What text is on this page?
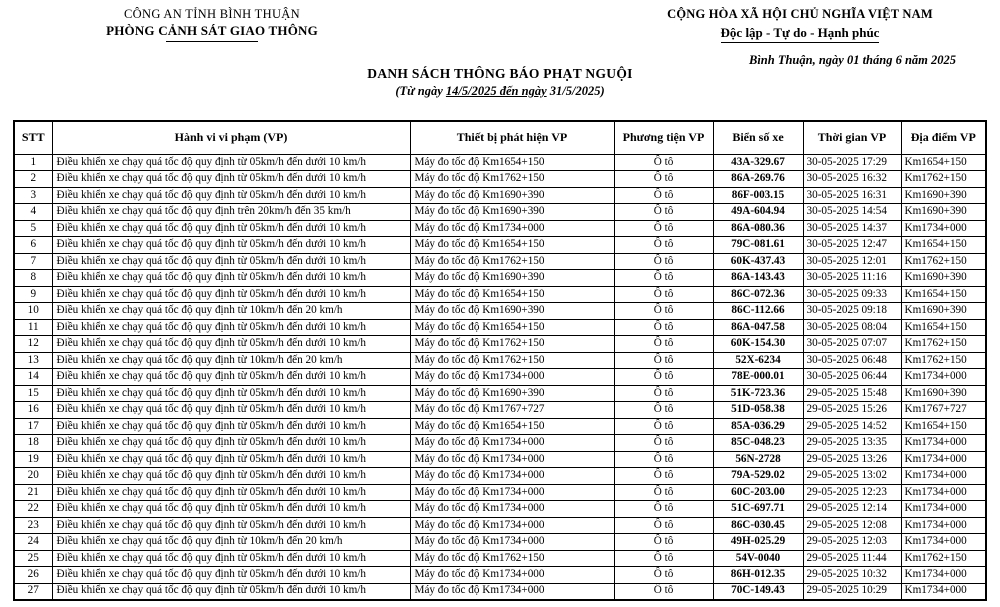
CÔNG AN TỈNH BÌNH THUẬN
PHÒNG CẢNH SÁT GIAO THÔNG
CỘNG HÒA XÃ HỘI CHỦ NGHĨA VIỆT NAM
Độc lập - Tự do - Hạnh phúc
Bình Thuận, ngày 01 tháng 6 năm 2025
DANH SÁCH THÔNG BÁO PHẠT NGUỘI
(Từ ngày 14/5/2025 đến ngày 31/5/2025)
STT	Hành vi vi phạm (VP)	Thiết bị phát hiện VP	Phương tiện VP	Biển số xe	Thời gian VP	Địa điểm VP
1	Điều khiển xe chạy quá tốc độ quy định từ 05km/h đến dưới 10 km/h	Máy đo tốc độ Km1654+150	Ô tô	43A-329.67	30-05-2025 17:29	Km1654+150
2	Điều khiển xe chạy quá tốc độ quy định từ 05km/h đến dưới 10 km/h	Máy đo tốc độ Km1762+150	Ô tô	86A-269.76	30-05-2025 16:32	Km1762+150
3	Điều khiển xe chạy quá tốc độ quy định từ 05km/h đến dưới 10 km/h	Máy đo tốc độ Km1690+390	Ô tô	86F-003.15	30-05-2025 16:31	Km1690+390
4	Điều khiển xe chạy quá tốc độ quy định trên 20km/h đến 35 km/h	Máy đo tốc độ Km1690+390	Ô tô	49A-604.94	30-05-2025 14:54	Km1690+390
5	Điều khiển xe chạy quá tốc độ quy định từ 05km/h đến dưới 10 km/h	Máy đo tốc độ Km1734+000	Ô tô	86A-080.36	30-05-2025 14:37	Km1734+000
6	Điều khiển xe chạy quá tốc độ quy định từ 05km/h đến dưới 10 km/h	Máy đo tốc độ Km1654+150	Ô tô	79C-081.61	30-05-2025 12:47	Km1654+150
7	Điều khiển xe chạy quá tốc độ quy định từ 05km/h đến dưới 10 km/h	Máy đo tốc độ Km1762+150	Ô tô	60K-437.43	30-05-2025 12:01	Km1762+150
8	Điều khiển xe chạy quá tốc độ quy định từ 05km/h đến dưới 10 km/h	Máy đo tốc độ Km1690+390	Ô tô	86A-143.43	30-05-2025 11:16	Km1690+390
9	Điều khiển xe chạy quá tốc độ quy định từ 05km/h đến dưới 10 km/h	Máy đo tốc độ Km1654+150	Ô tô	86C-072.36	30-05-2025 09:33	Km1654+150
10	Điều khiển xe chạy quá tốc độ quy định từ 10km/h đến 20 km/h	Máy đo tốc độ Km1690+390	Ô tô	86C-112.66	30-05-2025 09:18	Km1690+390
11	Điều khiển xe chạy quá tốc độ quy định từ 05km/h đến dưới 10 km/h	Máy đo tốc độ Km1654+150	Ô tô	86A-047.58	30-05-2025 08:04	Km1654+150
12	Điều khiển xe chạy quá tốc độ quy định từ 05km/h đến dưới 10 km/h	Máy đo tốc độ Km1762+150	Ô tô	60K-154.30	30-05-2025 07:07	Km1762+150
13	Điều khiển xe chạy quá tốc độ quy định từ 10km/h đến 20 km/h	Máy đo tốc độ Km1762+150	Ô tô	52X-6234	30-05-2025 06:48	Km1762+150
14	Điều khiển xe chạy quá tốc độ quy định từ 05km/h đến dưới 10 km/h	Máy đo tốc độ Km1734+000	Ô tô	78E-000.01	30-05-2025 06:44	Km1734+000
15	Điều khiển xe chạy quá tốc độ quy định từ 05km/h đến dưới 10 km/h	Máy đo tốc độ Km1690+390	Ô tô	51K-723.36	29-05-2025 15:48	Km1690+390
16	Điều khiển xe chạy quá tốc độ quy định từ 05km/h đến dưới 10 km/h	Máy đo tốc độ Km1767+727	Ô tô	51D-058.38	29-05-2025 15:26	Km1767+727
17	Điều khiển xe chạy quá tốc độ quy định từ 05km/h đến dưới 10 km/h	Máy đo tốc độ Km1654+150	Ô tô	85A-036.29	29-05-2025 14:52	Km1654+150
18	Điều khiển xe chạy quá tốc độ quy định từ 05km/h đến dưới 10 km/h	Máy đo tốc độ Km1734+000	Ô tô	85C-048.23	29-05-2025 13:35	Km1734+000
19	Điều khiển xe chạy quá tốc độ quy định từ 05km/h đến dưới 10 km/h	Máy đo tốc độ Km1734+000	Ô tô	56N-2728	29-05-2025 13:26	Km1734+000
20	Điều khiển xe chạy quá tốc độ quy định từ 05km/h đến dưới 10 km/h	Máy đo tốc độ Km1734+000	Ô tô	79A-529.02	29-05-2025 13:02	Km1734+000
21	Điều khiển xe chạy quá tốc độ quy định từ 05km/h đến dưới 10 km/h	Máy đo tốc độ Km1734+000	Ô tô	60C-203.00	29-05-2025 12:23	Km1734+000
22	Điều khiển xe chạy quá tốc độ quy định từ 05km/h đến dưới 10 km/h	Máy đo tốc độ Km1734+000	Ô tô	51C-697.71	29-05-2025 12:14	Km1734+000
23	Điều khiển xe chạy quá tốc độ quy định từ 05km/h đến dưới 10 km/h	Máy đo tốc độ Km1734+000	Ô tô	86C-030.45	29-05-2025 12:08	Km1734+000
24	Điều khiển xe chạy quá tốc độ quy định từ 10km/h đến 20 km/h	Máy đo tốc độ Km1734+000	Ô tô	49H-025.29	29-05-2025 12:03	Km1734+000
25	Điều khiển xe chạy quá tốc độ quy định từ 05km/h đến dưới 10 km/h	Máy đo tốc độ Km1762+150	Ô tô	54V-0040	29-05-2025 11:44	Km1762+150
26	Điều khiển xe chạy quá tốc độ quy định từ 05km/h đến dưới 10 km/h	Máy đo tốc độ Km1734+000	Ô tô	86H-012.35	29-05-2025 10:32	Km1734+000
27	Điều khiển xe chạy quá tốc độ quy định từ 05km/h đến dưới 10 km/h	Máy đo tốc độ Km1734+000	Ô tô	70C-149.43	29-05-2025 10:29	Km1734+000
